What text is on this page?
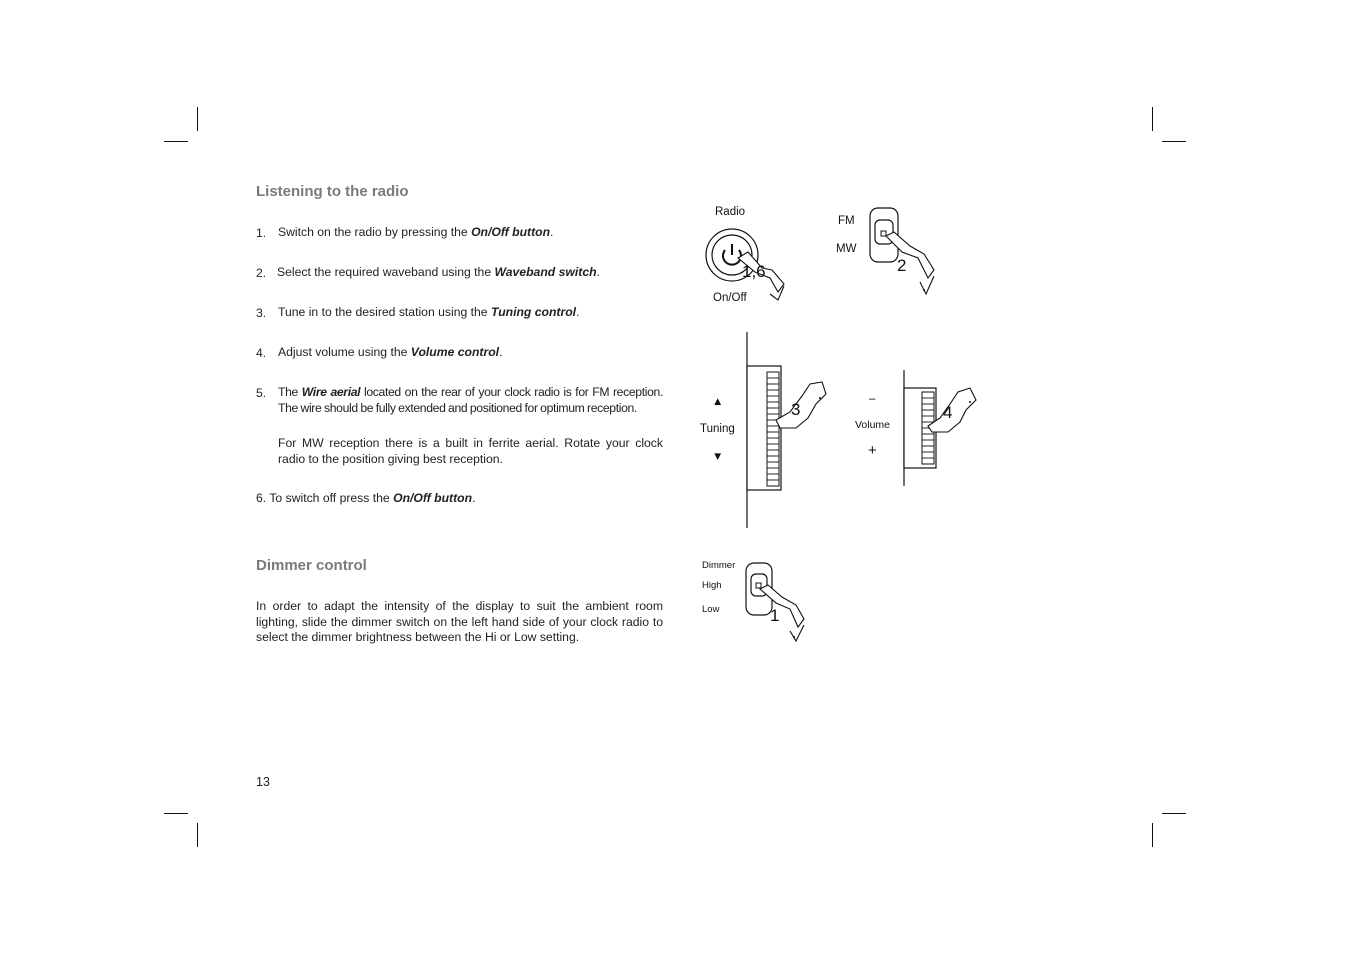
Listening to the radio
1. Switch on the radio by pressing the On/Off button.
2. Select the required waveband using the Waveband switch.
3. Tune in to the desired station using the Tuning control.
4. Adjust volume using the Volume control.
5. The Wire aerial located on the rear of your clock radio is for FM reception. The wire should be fully extended and positioned for optimum reception.
For MW reception there is a built in ferrite aerial. Rotate your clock radio to the position giving best reception.
6. To switch off press the On/Off button.
Dimmer control
In order to adapt the intensity of the display to suit the ambient room lighting, slide the dimmer switch on the left hand side of your clock radio to select the dimmer brightness between the Hi or Low setting.
13
Radio
1,6
On/Off
FM
MW
2
3
▲
Tuning
▼
4
–
Volume
+
Dimmer
High
Low	1
